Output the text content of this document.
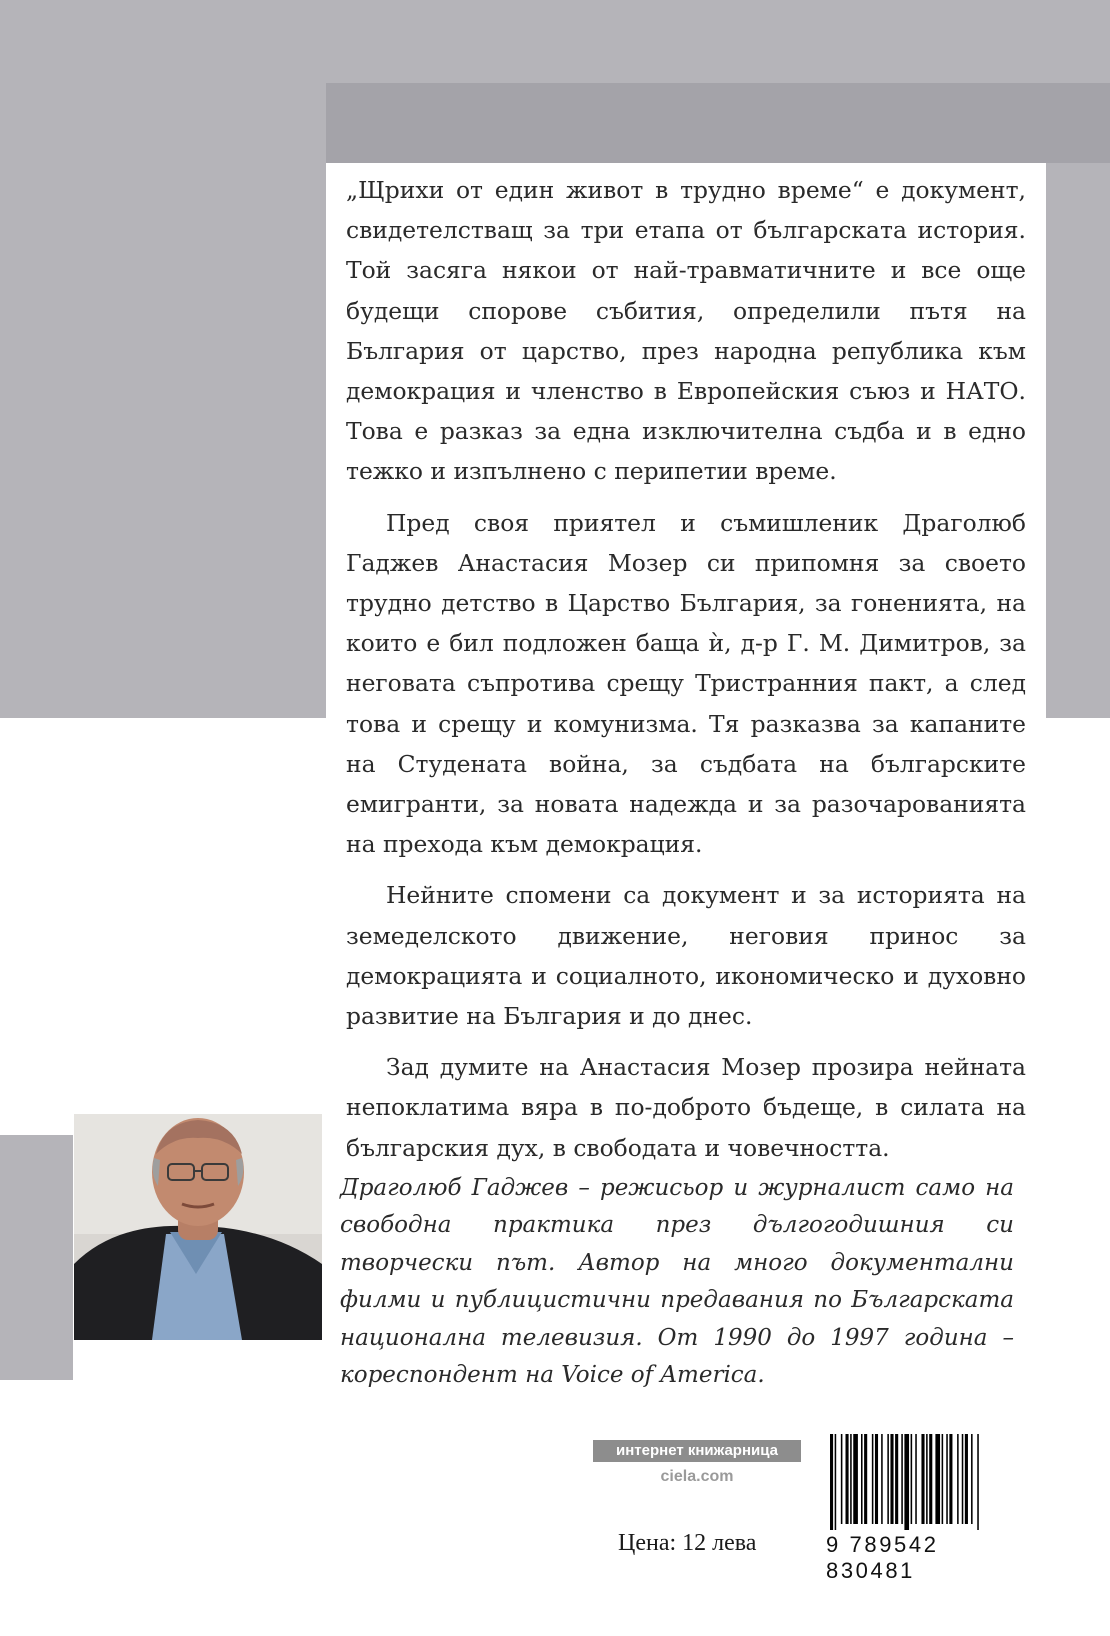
„Щрихи от един живот в трудно време“ е документ, свидетелстващ за три етапа от българската история. Той засяга някои от най-травматичните и все още будещи спорове събития, определили пътя на България от царство, през народна република към демокрация и членство в Европейския съюз и НАТО. Това е разказ за една изключителна съдба и в едно тежко и изпълнено с перипетии време.

Пред своя приятел и съмишленик Драголюб Гаджев Анастасия Мозер си припомня за своето трудно детство в Царство България, за гоненията, на които е бил подложен баща ѝ, д-р Г. М. Димитров, за неговата съпротива срещу Тристранния пакт, а след това и срещу и комунизма. Тя разказва за капаните на Студената война, за съдбата на българските емигранти, за новата надежда и за разочарованията на прехода към демокрация.

Нейните спомени са документ и за историята на земеделското движение, неговия принос за демокрацията и социалното, икономическо и духовно развитие на България и до днес.

Зад думите на Анастасия Мозер прозира нейната непоклатима вяра в по-доброто бъдеще, в силата на българския дух, в свободата и човечността.

Драголюб Гаджев – режисьор и журналист само на свободна практика през дългогодишния си творчески път. Автор на много документални филми и публицистични предавания по Българската национална телевизия. От 1990 до 1997 година – кореспондент на Voice of America.
интернет книжарница
ciela.com
Цена: 12 лева	9 789542 830481
